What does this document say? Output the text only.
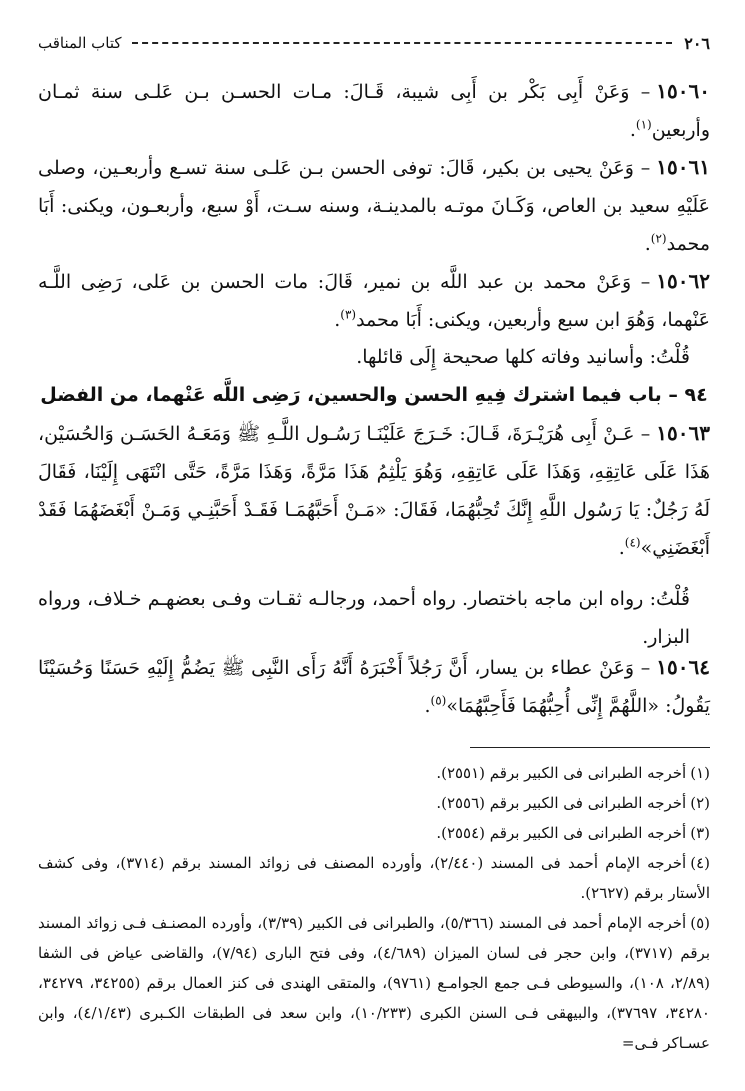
٢٠٦
كتاب المناقب

١٥٠٦٠– وَعَنْ أَبِى بَكْر بن أَبِى شيبة، قَـالَ: مـات الحسـن بـن عَلـى سنة ثمـان وأربعين$^{(١)}$.

١٥٠٦١– وَعَنْ يحيى بن بكير، قَالَ: توفى الحسن بـن عَلـى سنة تسـع وأربعـين، وصلى عَلَيْهِ سعيد بن العاص، وَكَـانَ موتـه بالمدينـة، وسنه سـت، أَوْ سبع، وأربعـون، ويكنى: أَبَا محمد$^{(٢)}$.

١٥٠٦٢– وَعَنْ محمد بن عبد اللَّه بن نمير، قَالَ: مات الحسن بن عَلى، رَضِى اللَّـه عَنْهما، وَهُوَ ابن سبع وأربعين، ويكنى: أَبَا محمد$^{(٣)}$.

قُلْتُ: وأسانيد وفاته كلها صحيحة إِلَى قائلها.

٩٤ – باب فيما اشترك فِيهِ الحسن والحسين، رَضِى اللَّه عَنْهما، من الفضل

١٥٠٦٣– عَـنْ أَبِى هُرَيْـرَةَ، قَـالَ: خَـرَجَ عَلَيْنَـا رَسُـول اللَّـهِ ﷺ وَمَعَـهُ الحَسَـن وَالحُسَيْن، هَذَا عَلَى عَاتِقِهِ، وَهَذَا عَلَى عَاتِقِهِ، وَهُوَ يَلْثِمُ هَذَا مَرَّةً، وَهَذَا مَرَّةً، حَتَّى انْتَهَى إِلَيْنَا، فَقَالَ لَهُ رَجُلٌ: يَا رَسُول اللَّهِ إِنَّكَ تُحِبُّهُمَا، فَقَالَ: «مَـنْ أَحَبَّهُمَـا فَقَـدْ أَحَبَّنِـي وَمَـنْ أَبْغَضَهُمَا فَقَدْ أَبْغَضَنِي»$^{(٤)}$.

قُلْتُ: رواه ابن ماجه باختصار. رواه أحمد، ورجالـه ثقـات وفـى بعضهـم خـلاف، ورواه البزار.

١٥٠٦٤– وَعَنْ عطاء بن يسار، أَنَّ رَجُلاً أَخْبَرَهُ أَنَّهُ رَأَى النَّبِى ﷺ يَضُمُّ إِلَيْهِ حَسَنًا وَحُسَيْنًا يَقُولُ: «اللَّهُمَّ إِنِّى أُحِبُّهُمَا فَأَحِبَّهُمَا»$^{(٥)}$.

(١)أخرجه الطبرانى فى الكبير برقم (٢٥٥١).
(٢)أخرجه الطبرانى فى الكبير برقم (٢٥٥٦).
(٣)أخرجه الطبرانى فى الكبير برقم (٢٥٥٤).
(٤)أخرجه الإمام أحمد فى المسند (٢/٤٤٠)، وأورده المصنف فى زوائد المسند برقم (٣٧١٤)، وفى كشف الأستار برقم (٢٦٢٧).
(٥)أخرجه الإمام أحمد فى المسند (٥/٣٦٦)، والطبرانى فى الكبير (٣/٣٩)، وأورده المصنـف فـى زوائد المسند برقم (٣٧١٧)، وابن حجر فى لسان الميزان (٤/٦٨٩)، وفى فتح البارى (٧/٩٤)، والقاضى عياض فى الشفا (٢/٨٩، ١٠٨)، والسيوطى فـى جمع الجوامـع (٩٧٦١)، والمتقى الهندى فى كنز العمال برقم (٣٤٢٥٥، ٣٤٢٧٩، ٣٤٢٨٠، ٣٧٦٩٧)، والبيهقى فـى السنن الكبرى (١٠/٢٣٣)، وابن سعد فى الطبقات الكـبرى (٤/١/٤٣)، وابن عسـاكر فـى=
